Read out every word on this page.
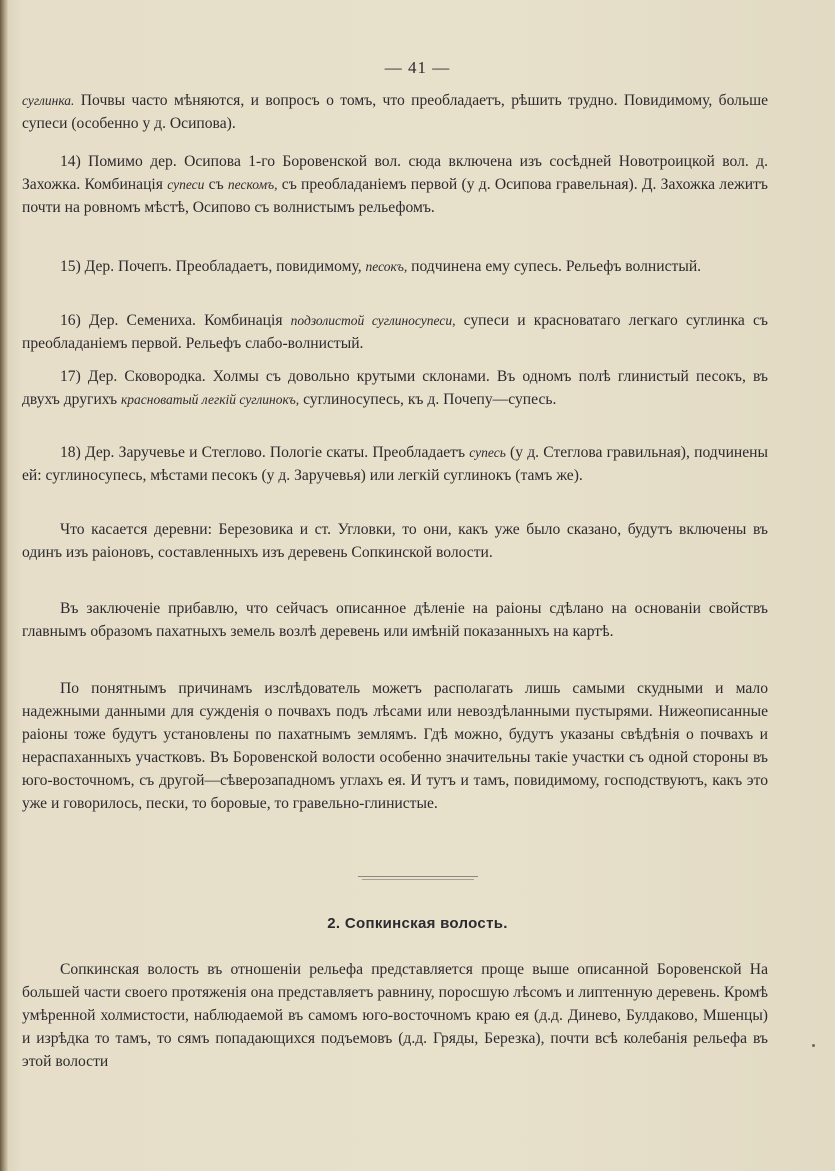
— 41 —

суглинка. Почвы часто мѣняются, и вопросъ о томъ, что преобладаетъ, рѣшить трудно. Повидимому, больше супеси (особенно у д. Осипова).

14) Помимо дер. Осипова 1-го Боровенской вол. сюда включена изъ сосѣдней Новотроицкой вол. д. Захожка. Комбинація супеси съ пескомъ, съ преобладаніемъ первой (у д. Осипова гравельная). Д. Захожка лежитъ почти на ровномъ мѣстѣ, Осипово съ волнистымъ рельефомъ.

15) Дер. Почепъ. Преобладаетъ, повидимому, песокъ, подчинена ему супесь. Рельефъ волнистый.

16) Дер. Семениха. Комбинація подзолистой суглиносупеси, супеси и красноватаго легкаго суглинка съ преобладаніемъ первой. Рельефъ слабо-волнистый.

17) Дер. Сковородка. Холмы съ довольно крутыми склонами. Въ одномъ полѣ глинистый песокъ, въ двухъ другихъ красноватый легкій суглинокъ, суглиносупесь, къ д. Почепу—супесь.

18) Дер. Заручевье и Стеглово. Пологіе скаты. Преобладаетъ супесь (у д. Стеглова гравильная), подчинены ей: суглиносупесь, мѣстами песокъ (у д. Заручевья) или легкій суглинокъ (тамъ же).

Что касается деревни: Березовика и ст. Угловки, то они, какъ уже было сказано, будутъ включены въ одинъ изъ раіоновъ, составленныхъ изъ деревень Сопкинской волости.

Въ заключеніе прибавлю, что сейчасъ описанное дѣленіе на раіоны сдѣлано на основаніи свойствъ главнымъ образомъ пахатныхъ земель возлѣ деревень или имѣній показанныхъ на картѣ.

По понятнымъ причинамъ изслѣдователь можетъ располагать лишь самыми скудными и мало надежными данными для сужденія о почвахъ подъ лѣсами или невоздѣланными пустырями. Нижеописанные раіоны тоже будутъ установлены по пахатнымъ землямъ. Гдѣ можно, будутъ указаны свѣдѣнія о почвахъ и нераспаханныхъ участковъ. Въ Боровенской волости особенно значительны такіе участки съ одной стороны въ юго-восточномъ, съ другой—сѣверозападномъ углахъ ея. И тутъ и тамъ, повидимому, господствуютъ, какъ это уже и говорилось, пески, то боровые, то гравельно-глинистые.

2. Сопкинская волость.

Сопкинская волость въ отношеніи рельефа представляется проще выше описанной Боровенской На большей части своего протяженія она представляетъ равнину, поросшую лѣсомъ и липтенную деревень. Кромѣ умѣренной холмистости, наблюдаемой въ самомъ юго-восточномъ краю ея (д.д. Динево, Булдаково, Мшенцы) и изрѣдка то тамъ, то сямъ попадающихся подъемовъ (д.д. Гряды, Березка), почти всѣ колебанія рельефа въ этой волости
